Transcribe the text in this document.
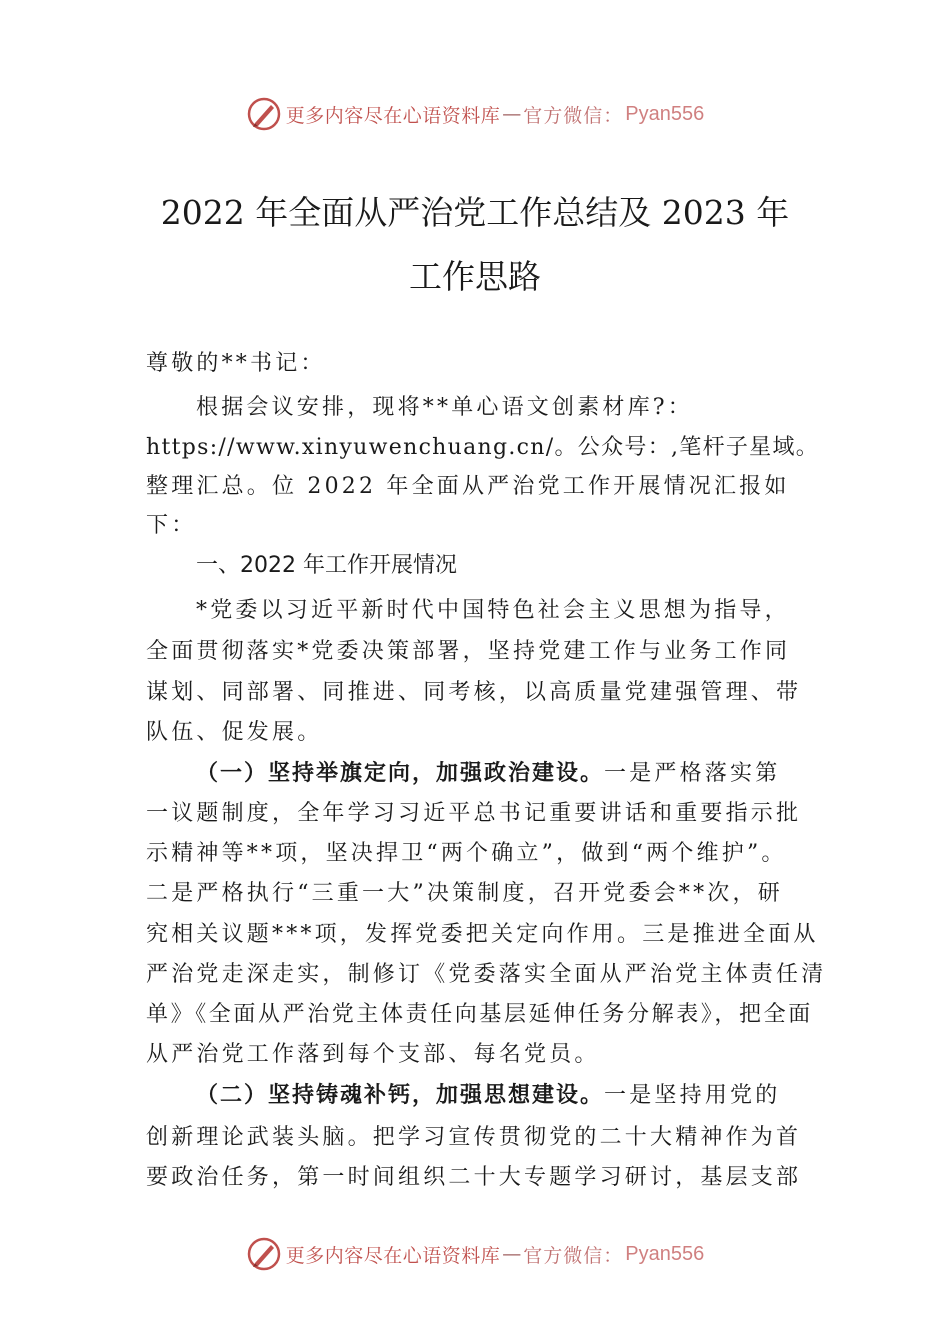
更多内容尽在心语资料库 — 官方微信： Pyan556
2022 年全面从严治党工作总结及 2023 年
工作思路
尊敬的**书记：
根据会议安排，现将**单心语文创素材库?：
https://www.xinyuwenchuang.cn/。公众号：,笔杆子星域。
整理汇总。位 2022 年全面从严治党工作开展情况汇报如
下：
一、2022 年工作开展情况
*党委以习近平新时代中国特色社会主义思想为指导，
全面贯彻落实*党委决策部署，坚持党建工作与业务工作同
谋划、同部署、同推进、同考核，以高质量党建强管理、带
队伍、促发展。
（一）坚持举旗定向，加强政治建设。一是严格落实第
一议题制度，全年学习习近平总书记重要讲话和重要指示批
示精神等**项，坚决捍卫“两个确立”，做到“两个维护”。
二是严格执行“三重一大”决策制度，召开党委会**次，研
究相关议题***项，发挥党委把关定向作用。三是推进全面从
严治党走深走实，制修订《党委落实全面从严治党主体责任清
单》《全面从严治党主体责任向基层延伸任务分解表》，把全面
从严治党工作落到每个支部、每名党员。
（二）坚持铸魂补钙，加强思想建设。一是坚持用党的
创新理论武装头脑。把学习宣传贯彻党的二十大精神作为首
要政治任务，第一时间组织二十大专题学习研讨，基层支部
更多内容尽在心语资料库 — 官方微信： Pyan556
